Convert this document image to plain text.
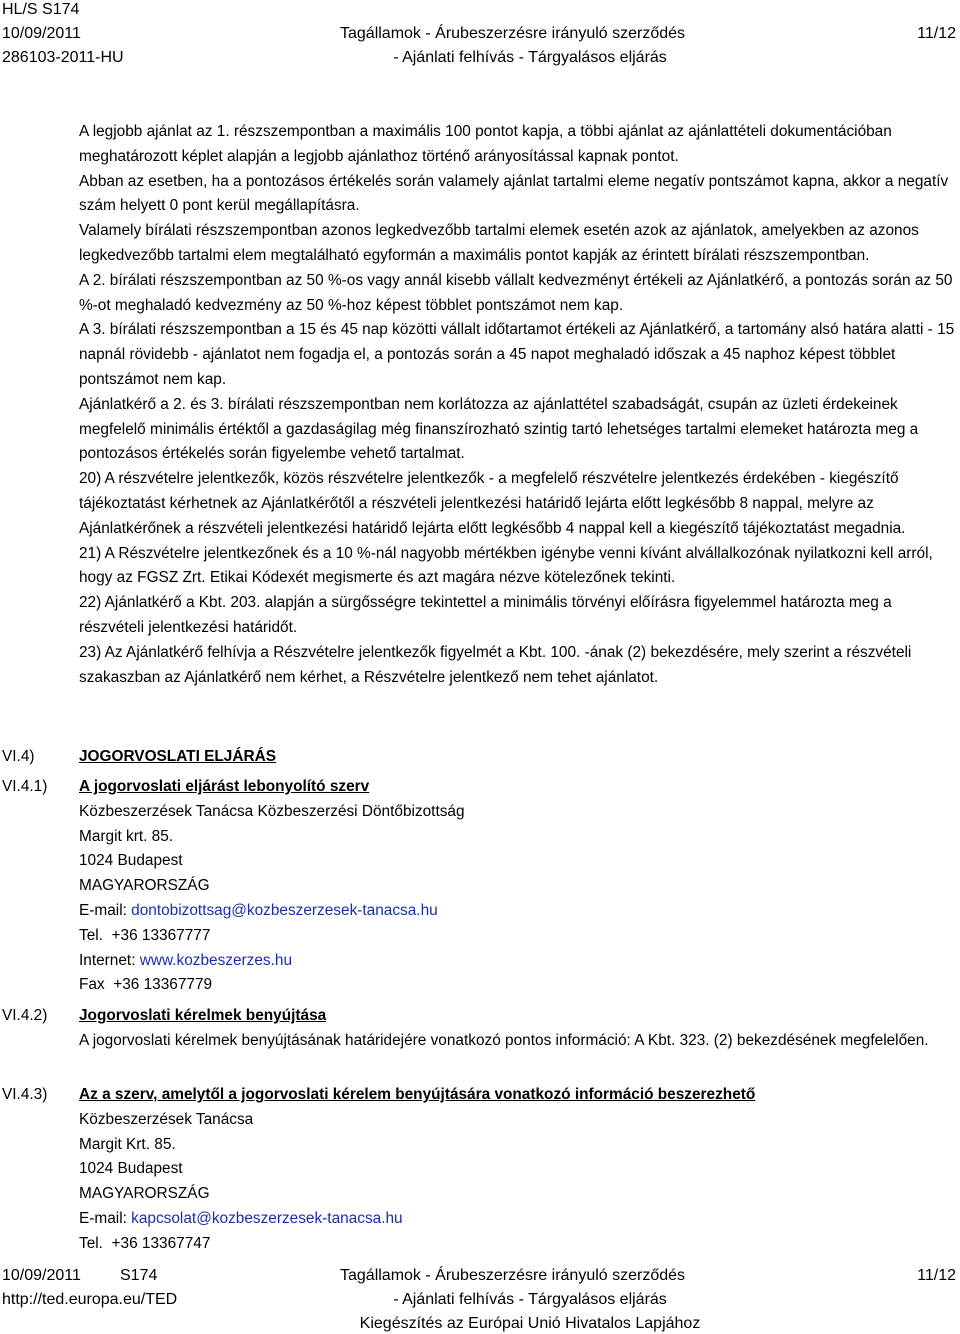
HL/S S174
10/09/2011
286103-2011-HU
Tagállamok - Árubeszerzésre irányuló szerződés
- Ajánlati felhívás - Tárgyalásos eljárás
11/12

A legjobb ajánlat az 1. részszempontban a maximális 100 pontot kapja, a többi ajánlat az ajánlattételi dokumentációban meghatározott képlet alapján a legjobb ajánlathoz történő arányosítással kapnak pontot.

Abban az esetben, ha a pontozásos értékelés során valamely ajánlat tartalmi eleme negatív pontszámot kapna, akkor a negatív szám helyett 0 pont kerül megállapításra.

Valamely bírálati részszempontban azonos legkedvezőbb tartalmi elemek esetén azok az ajánlatok, amelyekben az azonos legkedvezőbb tartalmi elem megtalálható egyformán a maximális pontot kapják az érintett bírálati részszempontban.

A 2. bírálati részszempontban az 50 %-os vagy annál kisebb vállalt kedvezményt értékeli az Ajánlatkérő, a pontozás során az 50 %-ot meghaladó kedvezmény az 50 %-hoz képest többlet pontszámot nem kap.

A 3. bírálati részszempontban a 15 és 45 nap közötti vállalt időtartamot értékeli az Ajánlatkérő, a tartomány alsó határa alatti - 15 napnál rövidebb - ajánlatot nem fogadja el, a pontozás során a 45 napot meghaladó időszak a 45 naphoz képest többlet pontszámot nem kap.

Ajánlatkérő a 2. és 3. bírálati részszempontban nem korlátozza az ajánlattétel szabadságát, csupán az üzleti érdekeinek megfelelő minimális értéktől a gazdaságilag még finanszírozható szintig tartó lehetséges tartalmi elemeket határozta meg a pontozásos értékelés során figyelembe vehető tartalmat.

20) A részvételre jelentkezők, közös részvételre jelentkezők - a megfelelő részvételre jelentkezés érdekében - kiegészítő tájékoztatást kérhetnek az Ajánlatkérőtől a részvételi jelentkezési határidő lejárta előtt legkésőbb 8 nappal, melyre az Ajánlatkérőnek a részvételi jelentkezési határidő lejárta előtt legkésőbb 4 nappal kell a kiegészítő tájékoztatást megadnia.

21) A Részvételre jelentkezőnek és a 10 %-nál nagyobb mértékben igénybe venni kívánt alvállalkozónak nyilatkozni kell arról, hogy az FGSZ Zrt. Etikai Kódexét megismerte és azt magára nézve kötelezőnek tekinti.

22) Ajánlatkérő a Kbt. 203. alapján a sürgősségre tekintettel a minimális törvényi előírásra figyelemmel határozta meg a részvételi jelentkezési határidőt.

23) Az Ajánlatkérő felhívja a Részvételre jelentkezők figyelmét a Kbt. 100. -ának (2) bekezdésére, mely szerint a részvételi szakaszban az Ajánlatkérő nem kérhet, a Részvételre jelentkező nem tehet ajánlatot.

VI.4)	JOGORVOSLATI ELJÁRÁS

VI.4.1) A jogorvoslati eljárást lebonyolító szerv

Közbeszerzések Tanácsa Közbeszerzési Döntőbizottság

Margit krt. 85.

1024 Budapest

MAGYARORSZÁG

E-mail: dontobizottsag@kozbeszerzesek-tanacsa.hu

Tel. +36 13367777

Internet: www.kozbeszerzes.hu

Fax +36 13367779

VI.4.2) Jogorvoslati kérelmek benyújtása

A jogorvoslati kérelmek benyújtásának határidejére vonatkozó pontos információ: A Kbt. 323. (2) bekezdésének megfelelően.

VI.4.3) Az a szerv, amelytől a jogorvoslati kérelem benyújtására vonatkozó információ beszerezhető

Közbeszerzések Tanácsa

Margit Krt. 85.

1024 Budapest

MAGYARORSZÁG

E-mail: kapcsolat@kozbeszerzesek-tanacsa.hu

Tel. +36 13367747

10/09/2011 S174
http://ted.europa.eu/TED
Tagállamok - Árubeszerzésre irányuló szerződés
- Ajánlati felhívás - Tárgyalásos eljárás
Kiegészítés az Európai Unió Hivatalos Lapjához
11/12
